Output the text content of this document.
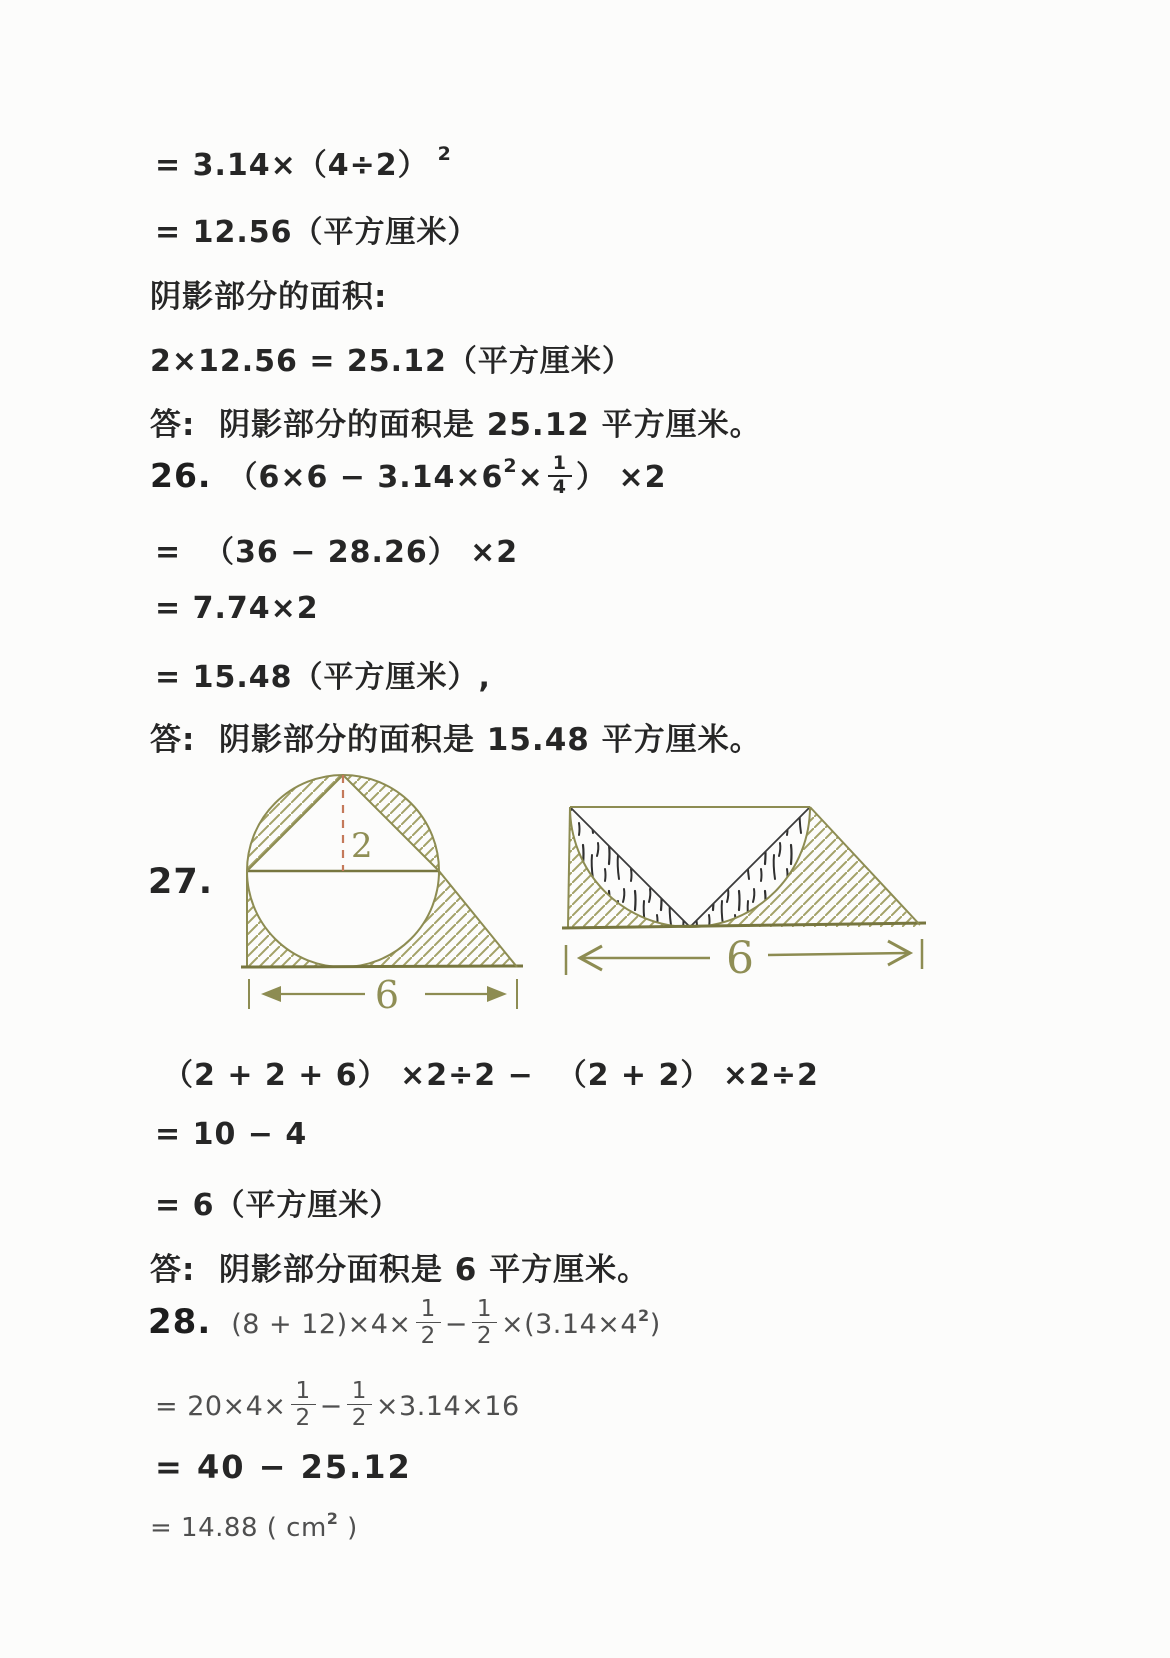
= 3.14×（4÷2） $^2$
= 12.56（平方厘米）
阴影部分的面积:
2×12.56 = 25.12（平方厘米）
答:  阴影部分的面积是 25.12 平方厘米。
26. （$6\times 6 - 3.14\times 6^2\times \frac{1}{4}$ ） ×2
=  （36 − 28.26） ×2
= 7.74×2
= 15.48（平方厘米）,
答:  阴影部分的面积是 15.48 平方厘米。
27.
2
6
6
（2 + 2 + 6） ×2÷2 −  （2 + 2） ×2÷2
= 10 − 4
= 6（平方厘米）
答:  阴影部分面积是 6 平方厘米。
28. $(8 + 12)\times 4\times \frac{1}{2} - \frac{1}{2} \times(3.14\times 4^2)$
= $20\times 4\times \frac{1}{2} - \frac{1}{2} \times 3.14\times 16$
= 40 − 25.12
= 14.88 ( $cm^2$ )
